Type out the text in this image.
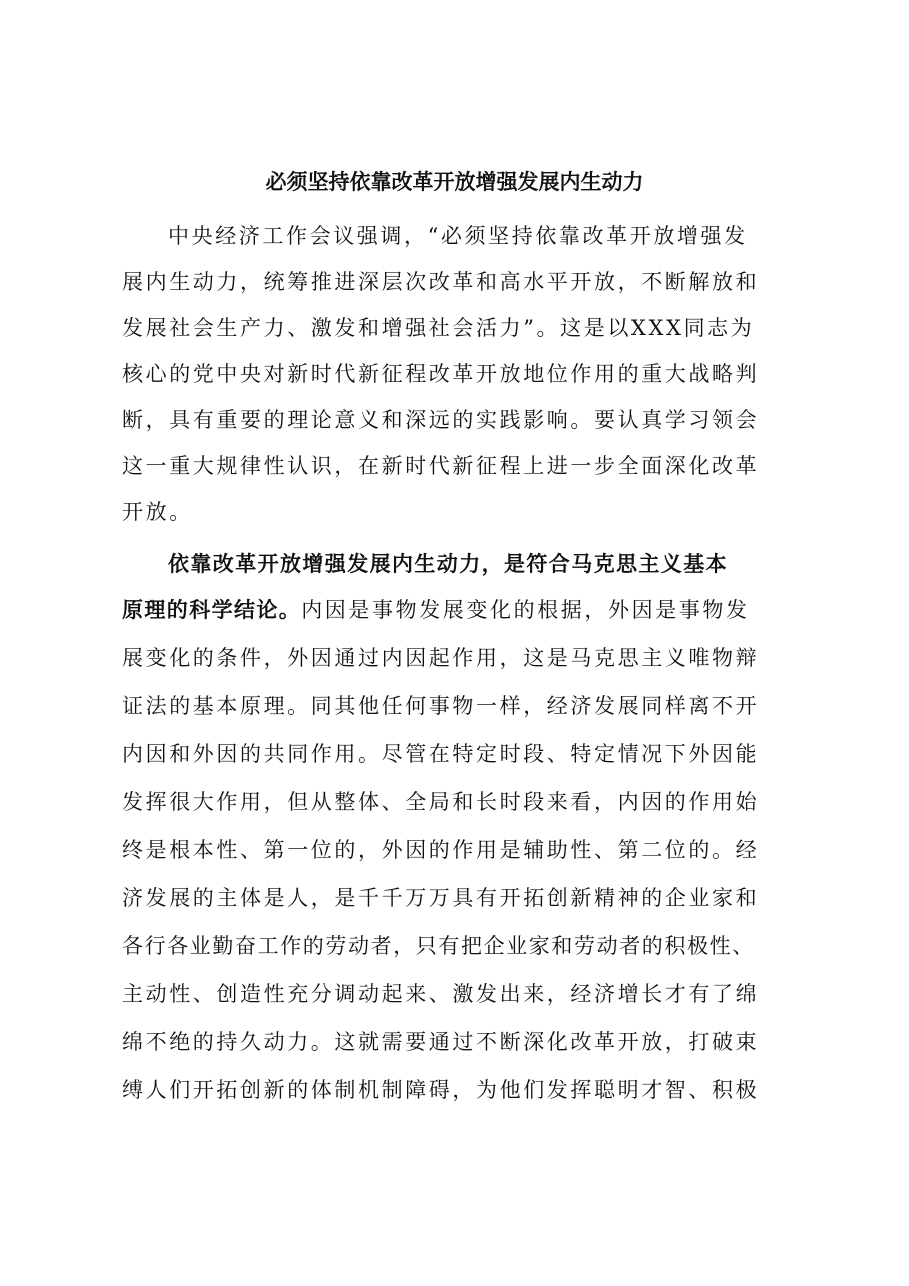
必须坚持依靠改革开放增强发展内生动力
中央经济工作会议强调，“必须坚持依靠改革开放增强发
展内生动力，统筹推进深层次改革和高水平开放，不断解放和
发展社会生产力、激发和增强社会活力”。这是以XXX同志为
核心的党中央对新时代新征程改革开放地位作用的重大战略判
断，具有重要的理论意义和深远的实践影响。要认真学习领会
这一重大规律性认识，在新时代新征程上进一步全面深化改革
开放。
依靠改革开放增强发展内生动力，是符合马克思主义基本
原理的科学结论。内因是事物发展变化的根据，外因是事物发
展变化的条件，外因通过内因起作用，这是马克思主义唯物辩
证法的基本原理。同其他任何事物一样，经济发展同样离不开
内因和外因的共同作用。尽管在特定时段、特定情况下外因能
发挥很大作用，但从整体、全局和长时段来看，内因的作用始
终是根本性、第一位的，外因的作用是辅助性、第二位的。经
济发展的主体是人，是千千万万具有开拓创新精神的企业家和
各行各业勤奋工作的劳动者，只有把企业家和劳动者的积极性、
主动性、创造性充分调动起来、激发出来，经济增长才有了绵
绵不绝的持久动力。这就需要通过不断深化改革开放，打破束
缚人们开拓创新的体制机制障碍，为他们发挥聪明才智、积极
